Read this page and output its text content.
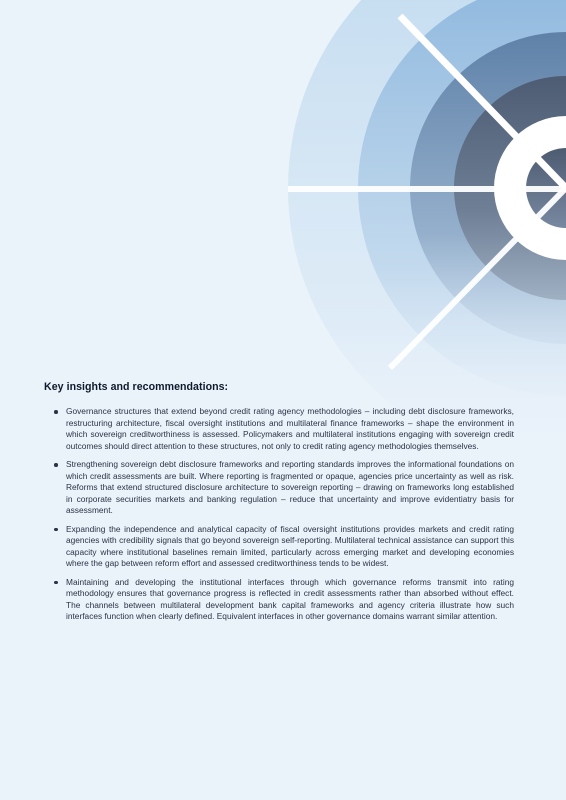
Key insights and recommendations:
Governance structures that extend beyond credit rating agency methodologies – including debt disclosure frameworks, restructuring architecture, fiscal oversight institutions and multilateral finance frameworks – shape the environment in which sovereign creditworthiness is assessed. Policymakers and multilateral institutions engaging with sovereign credit outcomes should direct attention to these structures, not only to credit rating agency methodologies themselves.
Strengthening sovereign debt disclosure frameworks and reporting standards improves the informational foundations on which credit assessments are built. Where reporting is fragmented or opaque, agencies price uncertainty as well as risk. Reforms that extend structured disclosure architecture to sovereign reporting – drawing on frameworks long established in corporate securities markets and banking regulation – reduce that uncertainty and improve evidentiatry basis for assessment.
Expanding the independence and analytical capacity of fiscal oversight institutions provides markets and credit rating agencies with credibility signals that go beyond sovereign self-reporting. Multilateral technical assistance can support this capacity where institutional baselines remain limited, particularly across emerging market and developing economies where the gap between reform effort and assessed creditworthiness tends to be widest.
Maintaining and developing the institutional interfaces through which governance reforms transmit into rating methodology ensures that governance progress is reflected in credit assessments rather than absorbed without effect. The channels between multilateral development bank capital frameworks and agency criteria illustrate how such interfaces function when clearly defined. Equivalent interfaces in other governance domains warrant similar attention.
